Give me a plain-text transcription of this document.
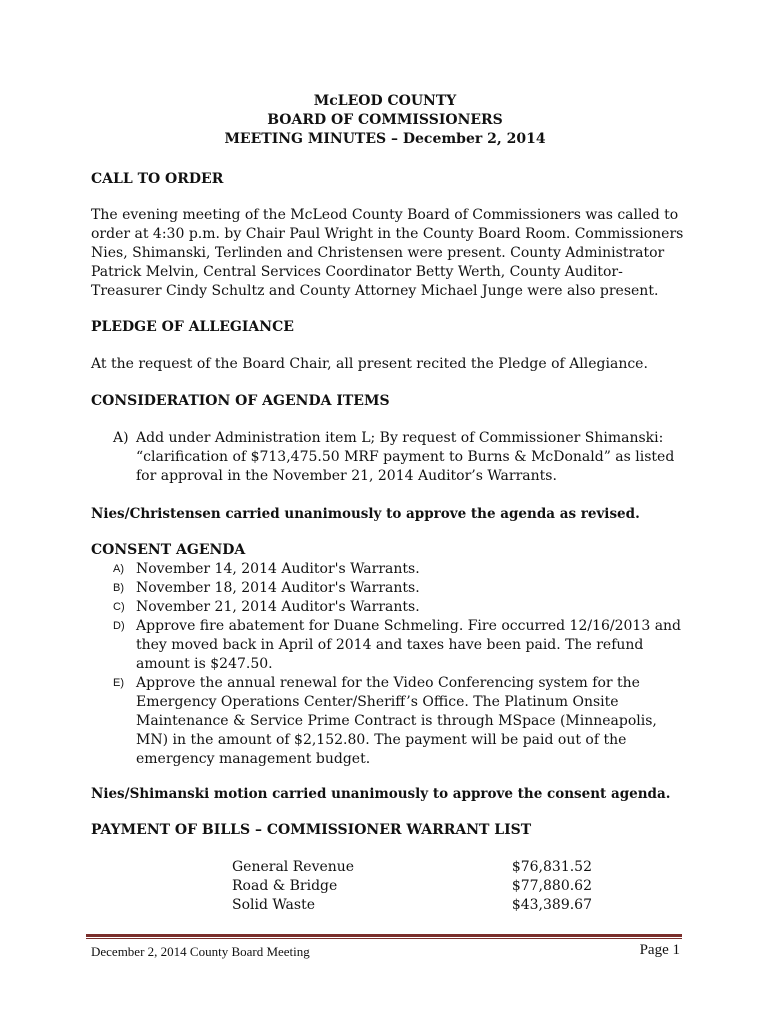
McLEOD COUNTY
BOARD OF COMMISSIONERS
MEETING MINUTES – December 2, 2014
CALL TO ORDER

The evening meeting of the McLeod County Board of Commissioners was called to

order at 4:30 p.m. by Chair Paul Wright in the County Board Room. Commissioners

Nies, Shimanski, Terlinden and Christensen were present. County Administrator

Patrick Melvin, Central Services Coordinator Betty Werth, County Auditor-

Treasurer Cindy Schultz and County Attorney Michael Junge were also present.

PLEDGE OF ALLEGIANCE

At the request of the Board Chair, all present recited the Pledge of Allegiance.

CONSIDERATION OF AGENDA ITEMS
A) Add under Administration item L; By request of Commissioner Shimanski:
“clarification of $713,475.50 MRF payment to Burns & McDonald” as listed
for approval in the November 21, 2014 Auditor’s Warrants.
Nies/Christensen carried unanimously to approve the agenda as revised.
CONSENT AGENDA
A) November 14, 2014 Auditor's Warrants.
B) November 18, 2014 Auditor's Warrants.
C) November 21, 2014 Auditor's Warrants.
D) Approve fire abatement for Duane Schmeling. Fire occurred 12/16/2013 and
they moved back in April of 2014 and taxes have been paid. The refund
amount is $247.50.
E) Approve the annual renewal for the Video Conferencing system for the
Emergency Operations Center/Sheriff’s Office. The Platinum Onsite
Maintenance & Service Prime Contract is through MSpace (Minneapolis,
MN) in the amount of $2,152.80. The payment will be paid out of the
emergency management budget.
Nies/Shimanski motion carried unanimously to approve the consent agenda.
PAYMENT OF BILLS – COMMISSIONER WARRANT LIST
General Revenue	$76,831.52
Road & Bridge	$77,880.62
Solid Waste	$43,389.67
December 2, 2014 County Board Meeting	Page 1
